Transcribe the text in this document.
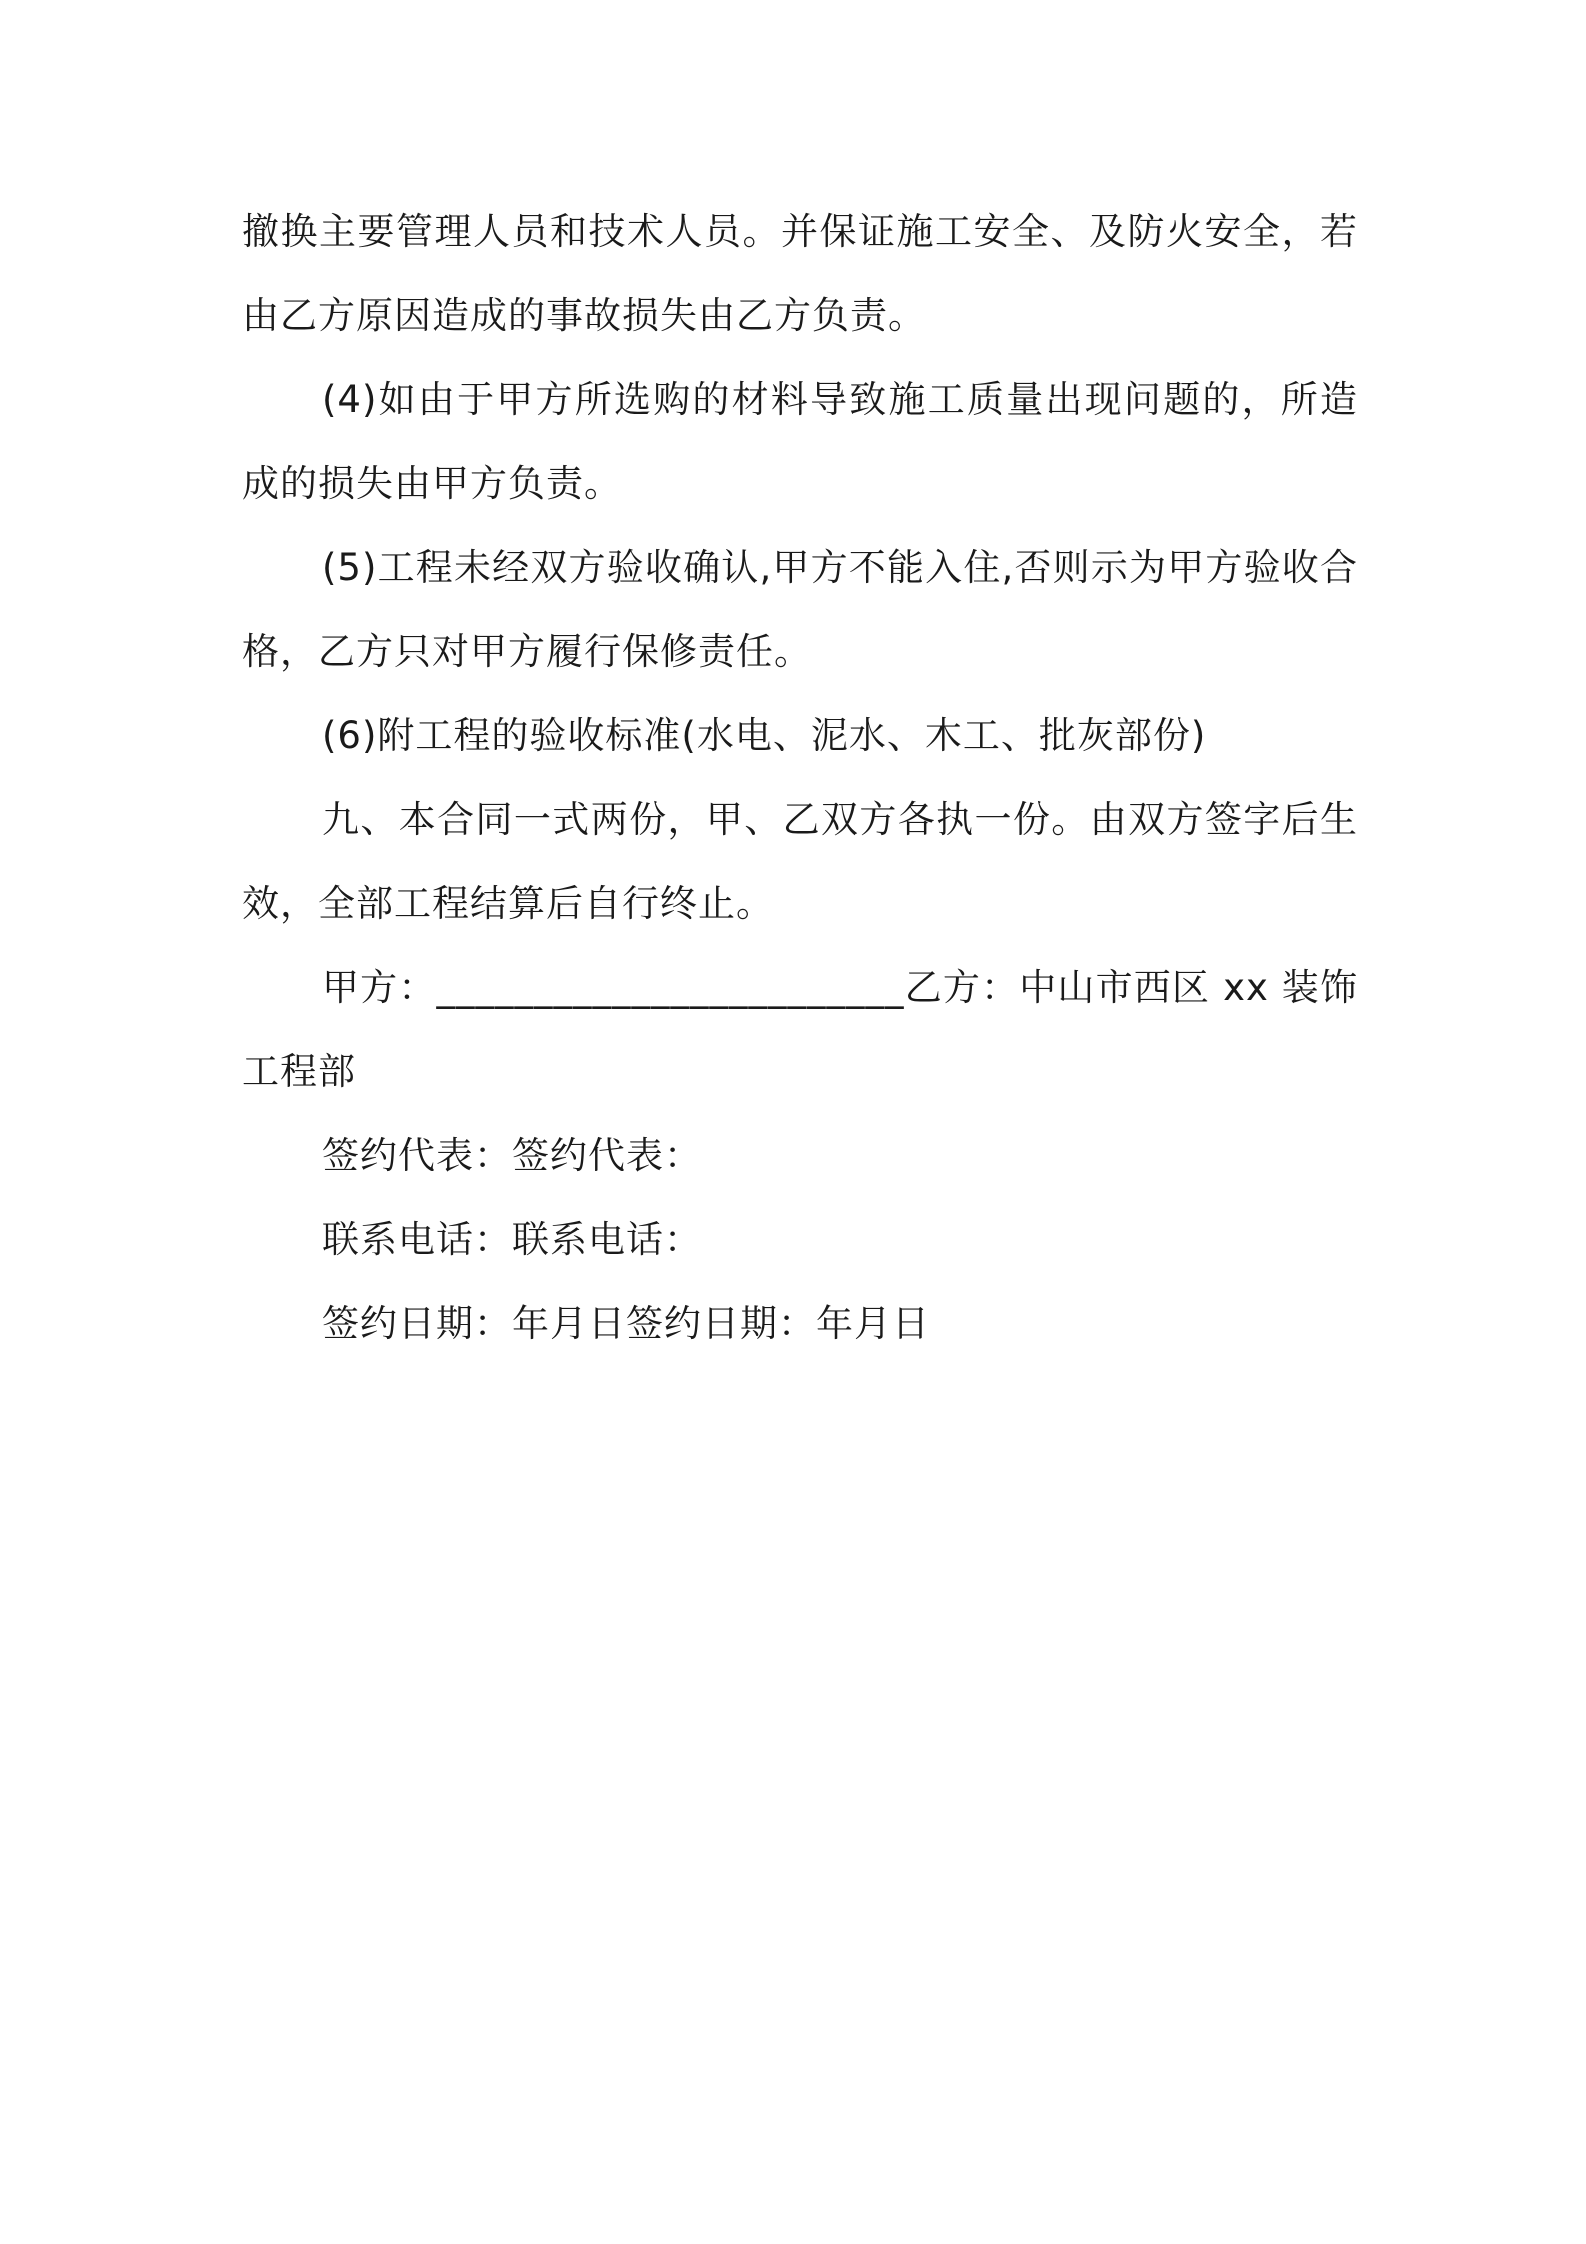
撤换主要管理人员和技术人员。并保证施工安全、及防火安全，若由乙方原因造成的事故损失由乙方负责。

(4)如由于甲方所选购的材料导致施工质量出现问题的，所造成的损失由甲方负责。

(5)工程未经双方验收确认,甲方不能入住,否则示为甲方验收合格，乙方只对甲方履行保修责任。

(6)附工程的验收标准(水电、泥水、木工、批灰部份)

九、本合同一式两份，甲、乙双方各执一份。由双方签字后生效，全部工程结算后自行终止。

甲方：________________________乙方：中山市西区 xx 装饰工程部

签约代表：签约代表：

联系电话：联系电话：

签约日期：年月日签约日期：年月日
